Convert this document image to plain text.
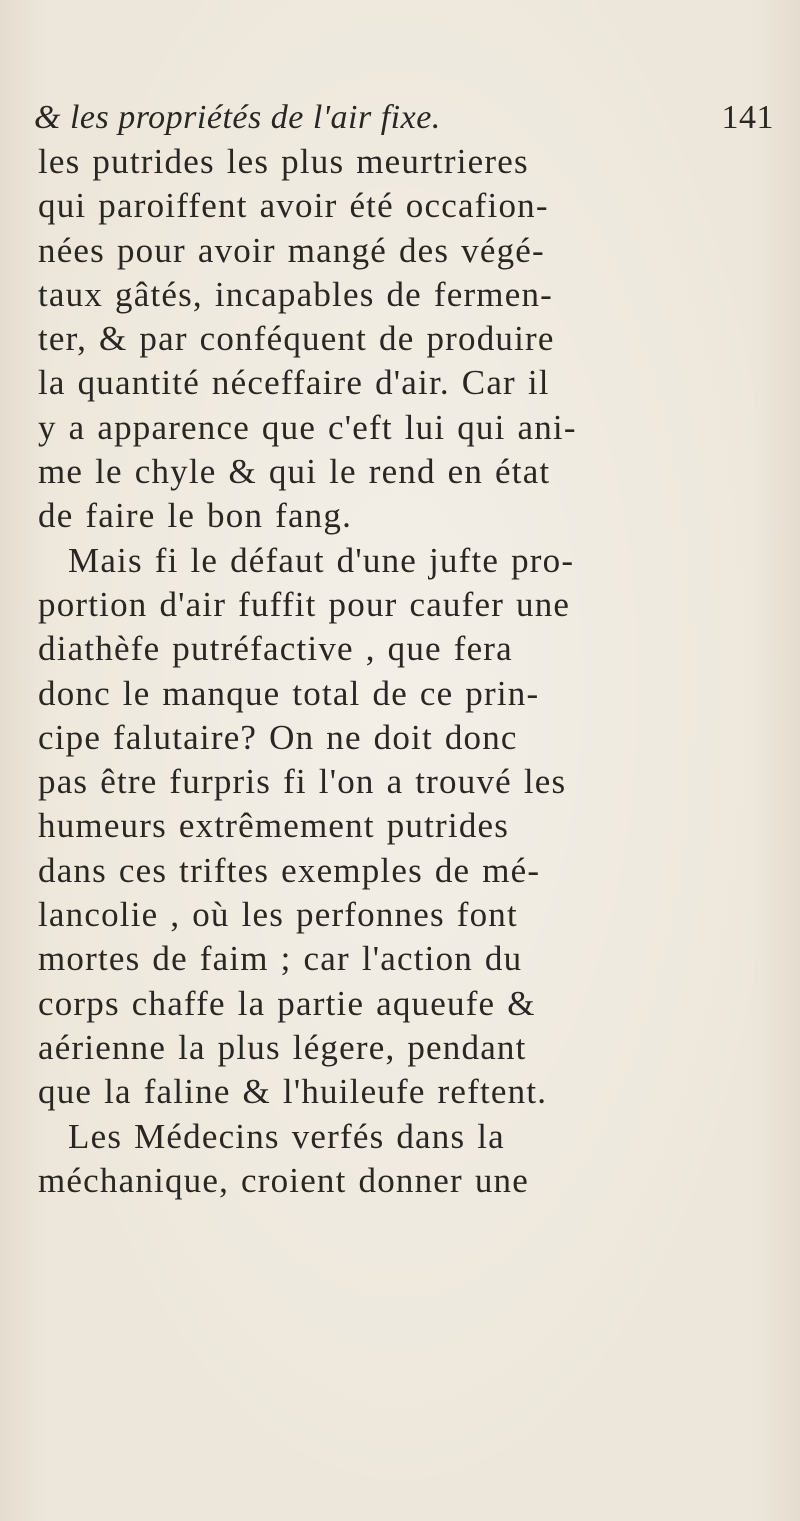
& les propriétés de l'air fixe.	141
les putrides les plus meurtrieres
qui paroiffent avoir été occafion-
nées pour avoir mangé des végé-
taux gâtés, incapables de fermen-
ter, & par conféquent de produire
la quantité néceffaire d'air. Car il
y a apparence que c'eft lui qui ani-
me le chyle & qui le rend en état
de faire le bon fang.
Mais fi le défaut d'une jufte pro-
portion d'air fuffit pour caufer une
diathèfe putréfactive , que fera
donc le manque total de ce prin-
cipe falutaire? On ne doit donc
pas être furpris fi l'on a trouvé les
humeurs extrêmement putrides
dans ces triftes exemples de mé-
lancolie , où les perfonnes font
mortes de faim ; car l'action du
corps chaffe la partie aqueufe &
aérienne la plus légere, pendant
que la faline & l'huileufe reftent.
Les Médecins verfés dans la
méchanique, croient donner une
